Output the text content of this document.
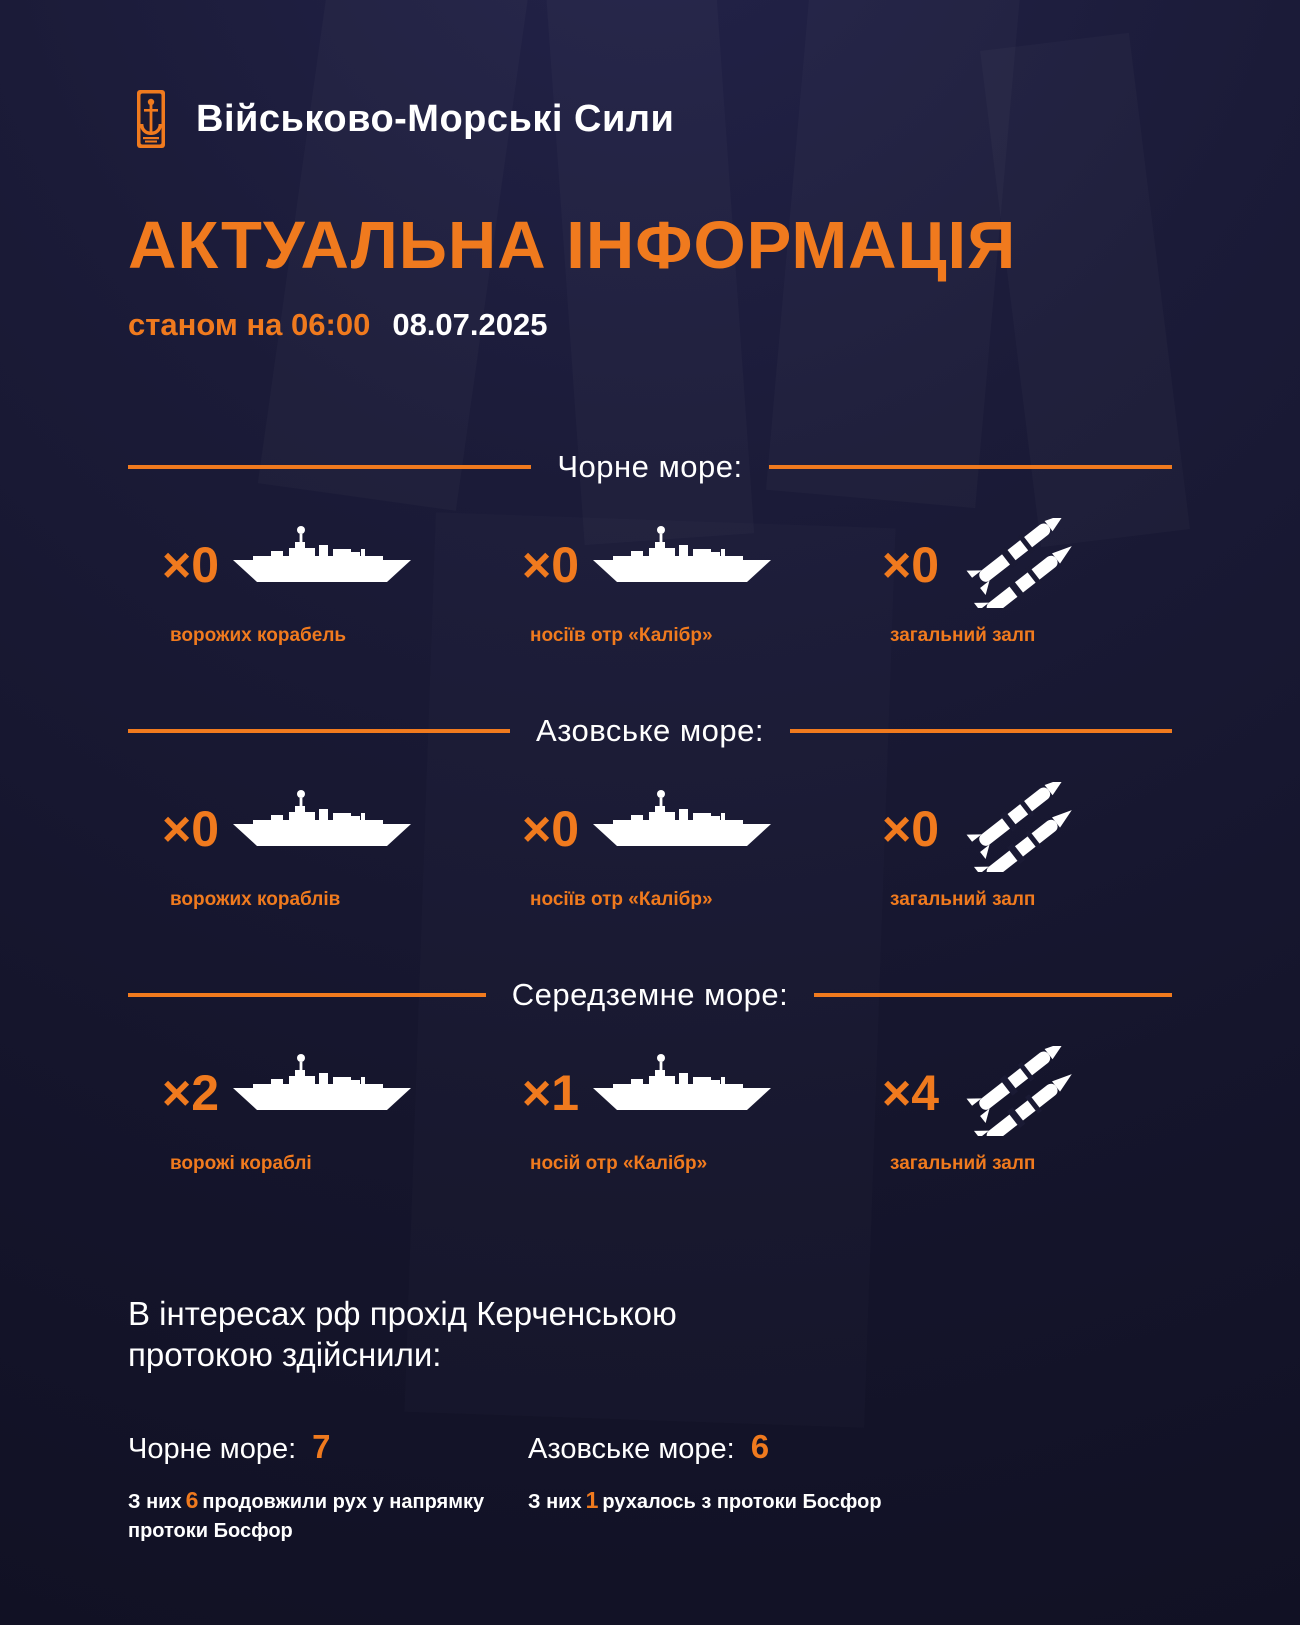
Військово-Морські Сили
АКТУАЛЬНА ІНФОРМАЦІЯ
станом на 06:00 08.07.2025
Чорне море:
×0
ворожих корабель
×0
носіїв отр «Калібр»
×0
загальний залп
Азовське море:
×0
ворожих кораблів
×0
носіїв отр «Калібр»
×0
загальний залп
Середземне море:
×2
ворожі кораблі
×1
носій отр «Калібр»
×4
загальний залп
В інтересах рф прохід Керченською протокою здійснили:
Чорне море: 7
З них 6 продовжили рух у напрямку протоки Босфор
Азовське море: 6
З них 1 рухалось з протоки Босфор
